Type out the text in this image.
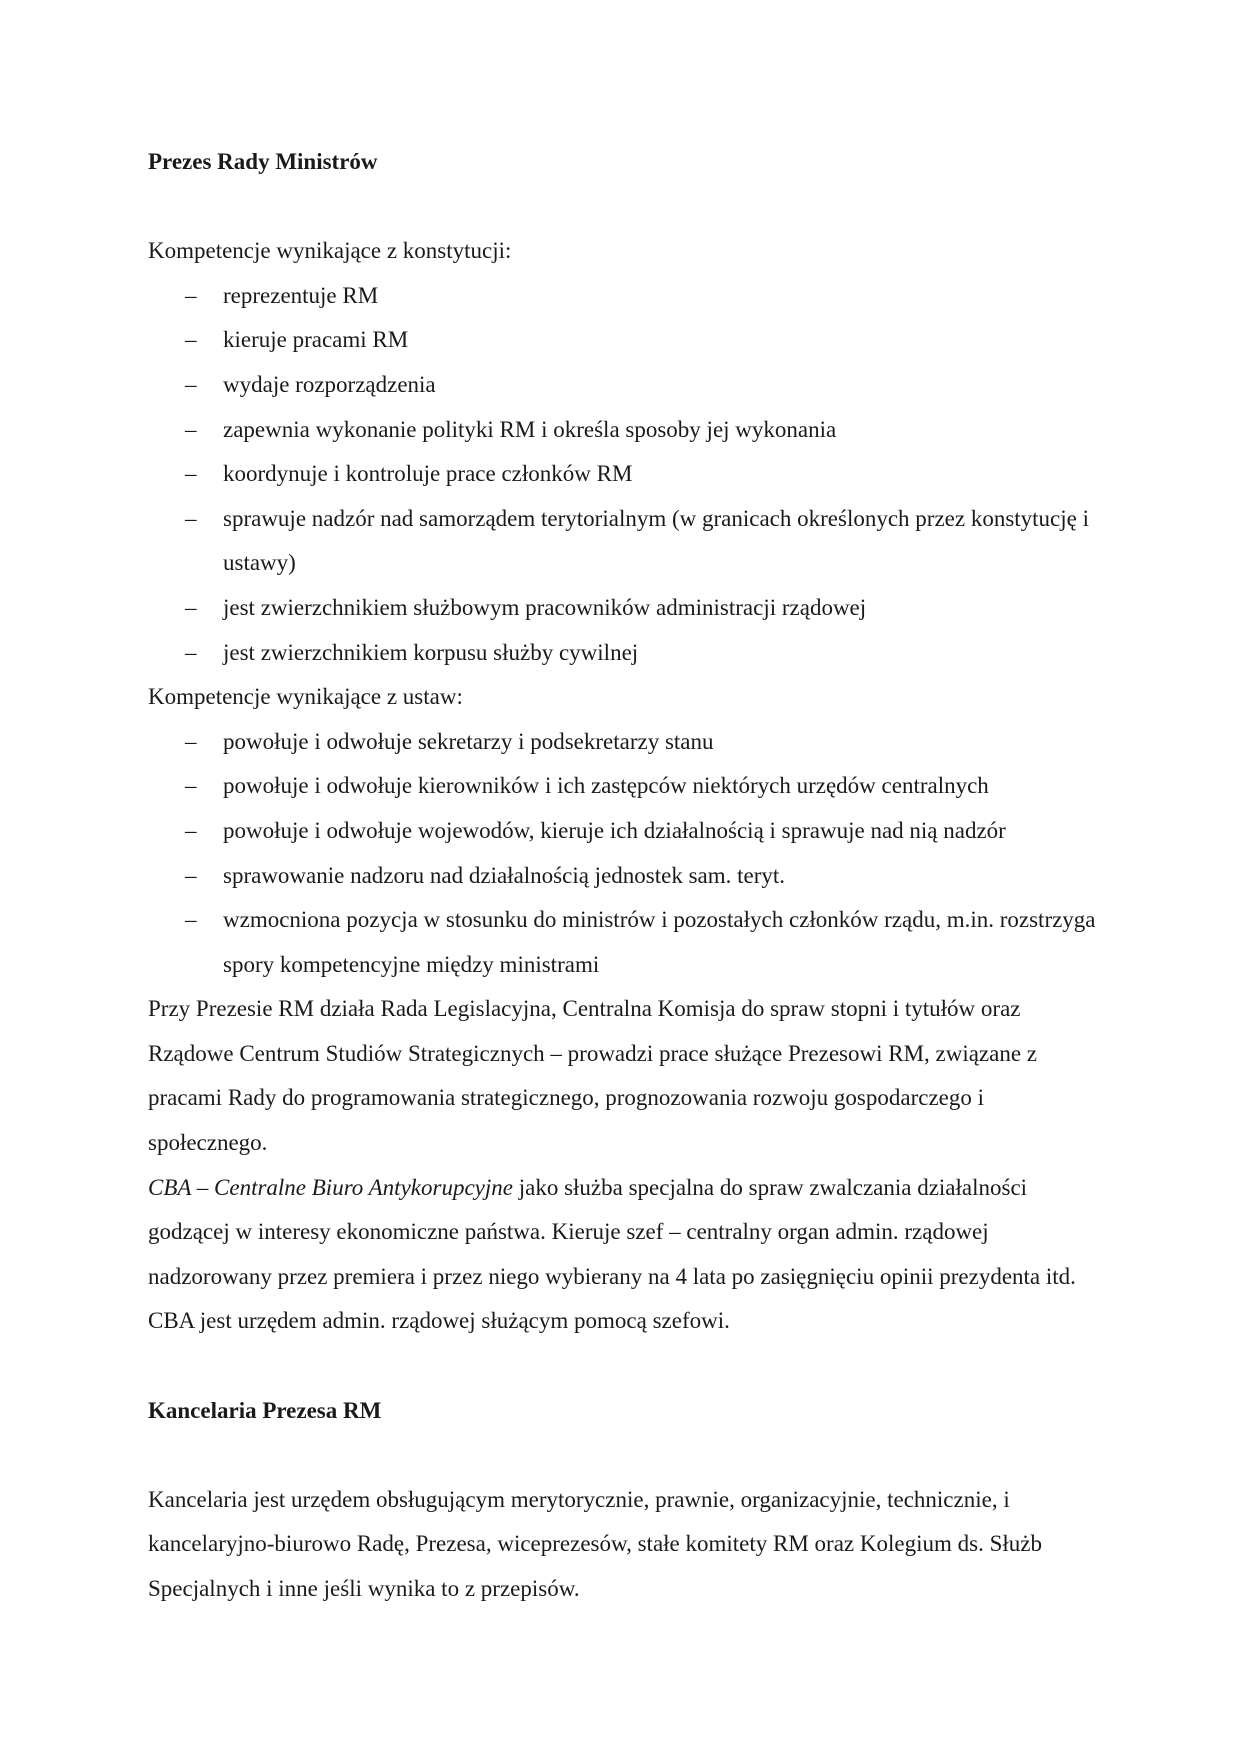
Prezes Rady Ministrów

Kompetencje wynikające z konstytucji:

– reprezentuje RM
– kieruje pracami RM
– wydaje rozporządzenia
– zapewnia wykonanie polityki RM i określa sposoby jej wykonania
– koordynuje i kontroluje prace członków RM
– sprawuje nadzór nad samorządem terytorialnym (w granicach określonych przez konstytucję i ustawy)
– jest zwierzchnikiem służbowym pracowników administracji rządowej
– jest zwierzchnikiem korpusu służby cywilnej

Kompetencje wynikające z ustaw:

– powołuje i odwołuje sekretarzy i podsekretarzy stanu
– powołuje i odwołuje kierowników i ich zastępców niektórych urzędów centralnych
– powołuje i odwołuje wojewodów, kieruje ich działalnością i sprawuje nad nią nadzór
– sprawowanie nadzoru nad działalnością jednostek sam. teryt.
– wzmocniona pozycja w stosunku do ministrów i pozostałych członków rządu, m.in. rozstrzyga spory kompetencyjne między ministrami

Przy Prezesie RM działa Rada Legislacyjna, Centralna Komisja do spraw stopni i tytułów oraz Rządowe Centrum Studiów Strategicznych – prowadzi prace służące Prezesowi RM, związane z pracami Rady do programowania strategicznego, prognozowania rozwoju gospodarczego i społecznego.

CBA – Centralne Biuro Antykorupcyjne jako służba specjalna do spraw zwalczania działalności godzącej w interesy ekonomiczne państwa. Kieruje szef – centralny organ admin. rządowej nadzorowany przez premiera i przez niego wybierany na 4 lata po zasięgnięciu opinii prezydenta itd. CBA jest urzędem admin. rządowej służącym pomocą szefowi.

Kancelaria Prezesa RM

Kancelaria jest urzędem obsługującym merytorycznie, prawnie, organizacyjnie, technicznie, i kancelaryjno-biurowo Radę, Prezesa, wiceprezesów, stałe komitety RM oraz Kolegium ds. Służb Specjalnych i inne jeśli wynika to z przepisów.
